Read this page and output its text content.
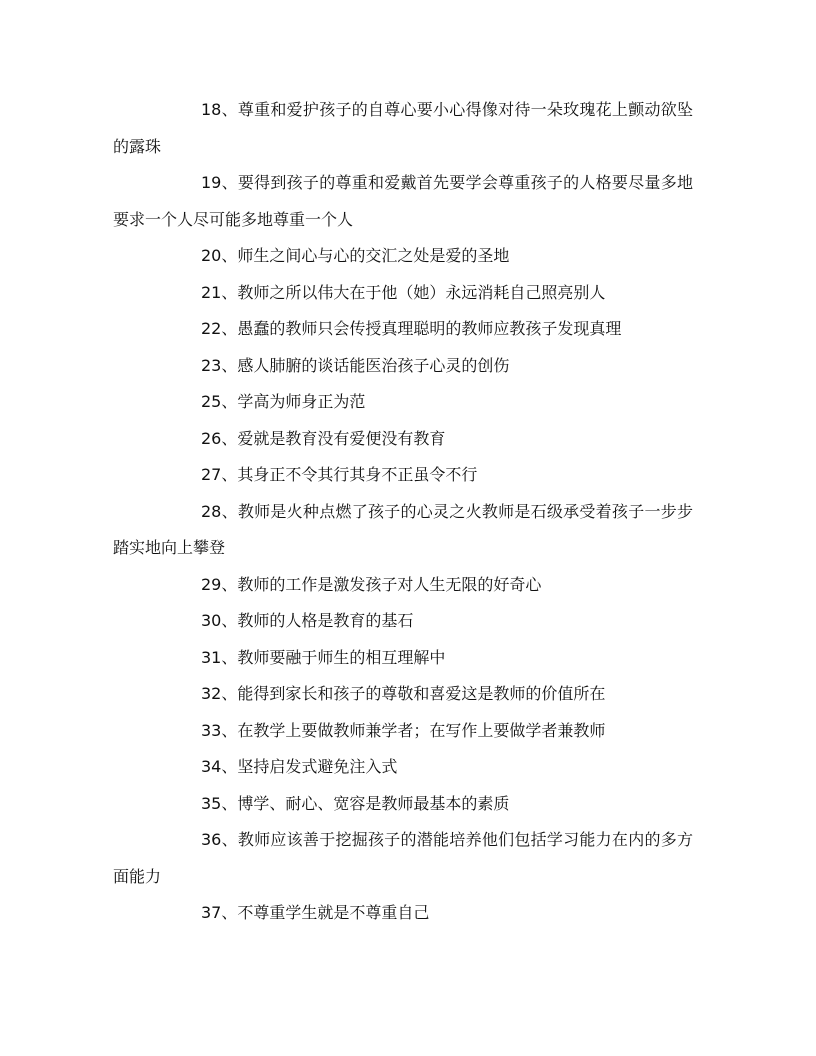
18、尊重和爱护孩子的自尊心要小心得像对待一朵玫瑰花上颤动欲坠的露珠

19、要得到孩子的尊重和爱戴首先要学会尊重孩子的人格要尽量多地要求一个人尽可能多地尊重一个人

20、师生之间心与心的交汇之处是爱的圣地

21、教师之所以伟大在于他（她）永远消耗自己照亮别人

22、愚蠢的教师只会传授真理聪明的教师应教孩子发现真理

23、感人肺腑的谈话能医治孩子心灵的创伤

25、学高为师身正为范

26、爱就是教育没有爱便没有教育

27、其身正不令其行其身不正虽令不行

28、教师是火种点燃了孩子的心灵之火教师是石级承受着孩子一步步踏实地向上攀登

29、教师的工作是激发孩子对人生无限的好奇心

30、教师的人格是教育的基石

31、教师要融于师生的相互理解中

32、能得到家长和孩子的尊敬和喜爱这是教师的价值所在

33、在教学上要做教师兼学者；在写作上要做学者兼教师

34、坚持启发式避免注入式

35、博学、耐心、宽容是教师最基本的素质

36、教师应该善于挖掘孩子的潜能培养他们包括学习能力在内的多方面能力

37、不尊重学生就是不尊重自己
